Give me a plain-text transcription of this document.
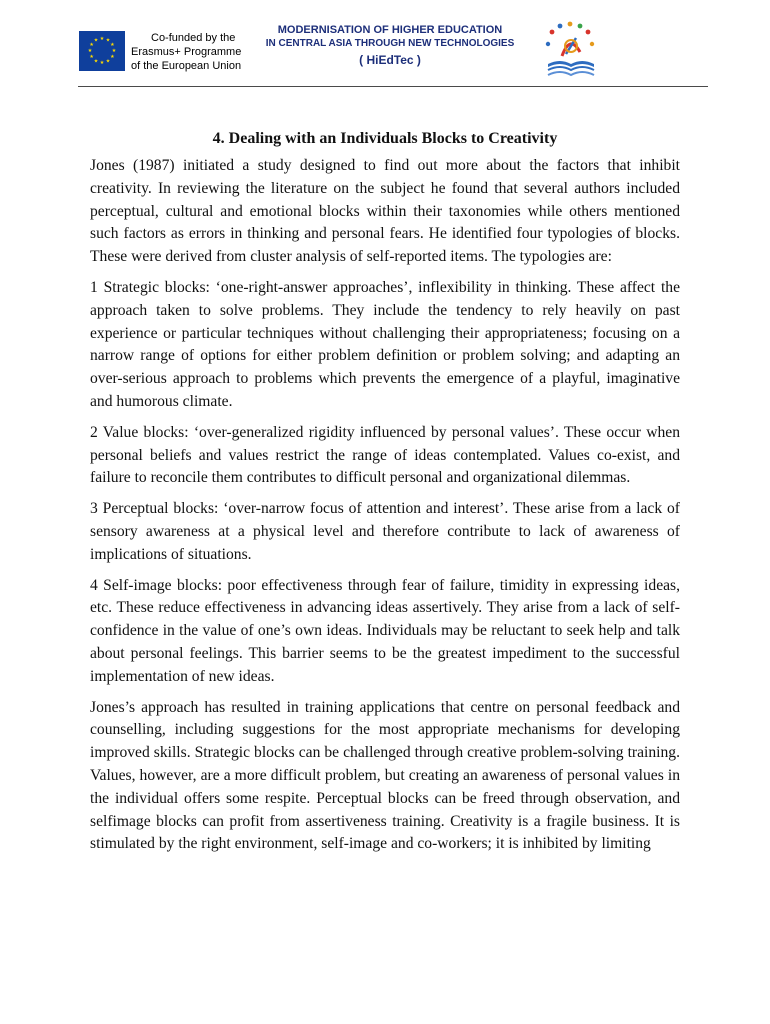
★ ★
★
★
★
★
★
★
★
★
★
★	Co-funded by the
Erasmus+ Programme
of the European Union
MODERNISATION OF HIGHER EDUCATION
IN CENTRAL ASIA THROUGH NEW TECHNOLOGIES
( HiEdTec )
4. Dealing with an Individuals Blocks to Creativity

Jones (1987) initiated a study designed to find out more about the factors that inhibit creativity. In reviewing the literature on the subject he found that several authors included perceptual, cultural and emotional blocks within their taxonomies while others mentioned such factors as errors in thinking and personal fears. He identified four typologies of blocks. These were derived from cluster analysis of self-reported items. The typologies are:

1 Strategic blocks: ‘one-right-answer approaches’, inflexibility in thinking. These affect the approach taken to solve problems. They include the tendency to rely heavily on past experience or particular techniques without challenging their appropriateness; focusing on a narrow range of options for either problem definition or problem solving; and adapting an over-serious approach to problems which prevents the emergence of a playful, imaginative and humorous climate.

2 Value blocks: ‘over-generalized rigidity influenced by personal values’. These occur when personal beliefs and values restrict the range of ideas contemplated. Values co-exist, and failure to reconcile them contributes to difficult personal and organizational dilemmas.

3 Perceptual blocks: ‘over-narrow focus of attention and interest’. These arise from a lack of sensory awareness at a physical level and therefore contribute to lack of awareness of implications of situations.

4 Self-image blocks: poor effectiveness through fear of failure, timidity in expressing ideas, etc. These reduce effectiveness in advancing ideas assertively. They arise from a lack of self-confidence in the value of one’s own ideas. Individuals may be reluctant to seek help and talk about personal feelings. This barrier seems to be the greatest impediment to the successful implementation of new ideas.

Jones’s approach has resulted in training applications that centre on personal feedback and counselling, including suggestions for the most appropriate mechanisms for developing improved skills. Strategic blocks can be challenged through creative problem-solving training. Values, however, are a more difficult problem, but creating an awareness of personal values in the individual offers some respite. Perceptual blocks can be freed through observation, and selfimage blocks can profit from assertiveness training. Creativity is a fragile business. It is stimulated by the right environment, self-image and co-workers; it is inhibited by limiting
